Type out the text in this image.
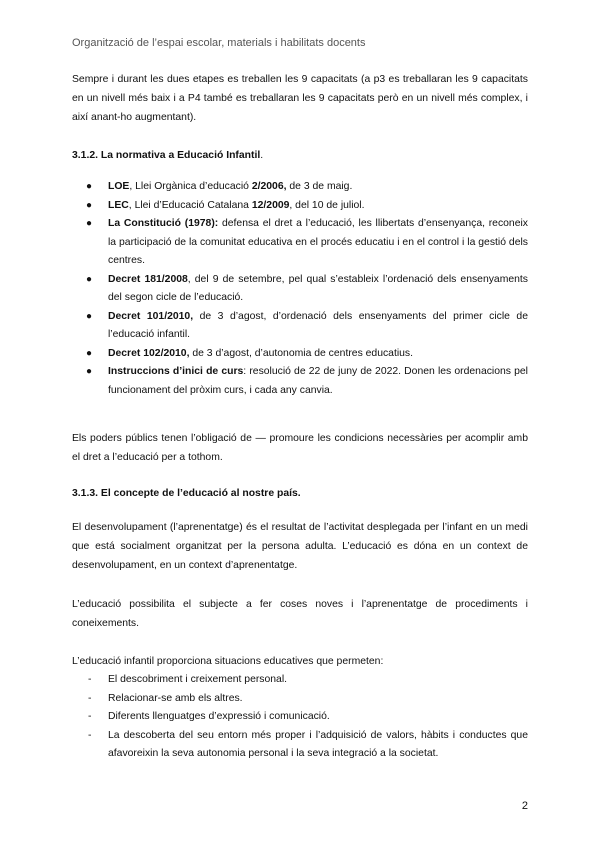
Organització de l’espai escolar, materials i habilitats docents
Sempre i durant les dues etapes es treballen les 9 capacitats (a p3 es treballaran les 9 capacitats en un nivell més baix i a P4 també es treballaran les 9 capacitats però en un nivell més complex, i així anant-ho augmentant).
3.1.2. La normativa a Educació Infantil.
● LOE, Llei Orgànica d’educació 2/2006, de 3 de maig.
● LEC, Llei d’Educació Catalana 12/2009, del 10 de juliol.
● La Constitució (1978): defensa el dret a l’educació, les llibertats d’ensenyança, reconeix la participació de la comunitat educativa en el procés educatiu i en el control i la gestió dels centres.
● Decret 181/2008, del 9 de setembre, pel qual s’estableix l’ordenació dels ensenyaments del segon cicle de l’educació.
● Decret 101/2010, de 3 d’agost, d’ordenació dels ensenyaments del primer cicle de l’educació infantil.
● Decret 102/2010, de 3 d’agost, d’autonomia de centres educatius.
● Instruccions d’inici de curs: resolució de 22 de juny de 2022. Donen les ordenacions pel funcionament del pròxim curs, i cada any canvia.
Els poders públics tenen l’obligació de — promoure les condicions necessàries per acomplir amb el dret a l’educació per a tothom.
3.1.3. El concepte de l’educació al nostre país.
El desenvolupament (l’aprenentatge) és el resultat de l’activitat desplegada per l’infant en un medi que está socialment organitzat per la persona adulta. L’educació es dóna en un context de desenvolupament, en un context d’aprenentatge.
L’educació possibilita el subjecte a fer coses noves i l’aprenentatge de procediments i coneixements.
L’educació infantil proporciona situacions educatives que permeten:
- El descobriment i creixement personal.
- Relacionar-se amb els altres.
- Diferents llenguatges d’expressió i comunicació.
- La descoberta del seu entorn més proper i l’adquisició de valors, hàbits i conductes que afavoreixin la seva autonomia personal i la seva integració a la societat.
2
